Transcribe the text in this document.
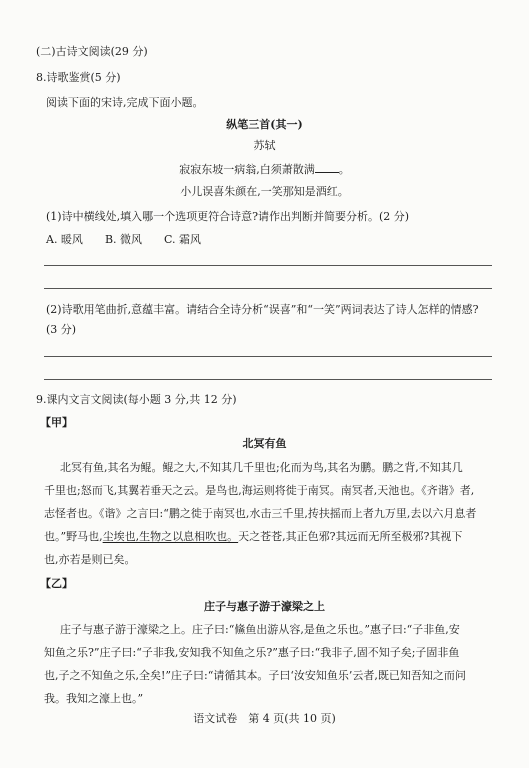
(二)古诗文阅读(29 分)
8.诗歌鉴赏(5 分)
阅读下面的宋诗,完成下面小题。
纵笔三首(其一)
苏轼
寂寂东坡一病翁,白须萧散满 。
小儿误喜朱颜在,一笑那知是酒红。
(1)诗中横线处,填入哪一个选项更符合诗意?请作出判断并简要分析。(2 分)
A. 暖风 B. 微风 C. 霜风
(2)诗歌用笔曲折,意蕴丰富。请结合全诗分析“误喜”和“一笑”两词表达了诗人怎样的情感?
(3 分)
9.课内文言文阅读(每小题 3 分,共 12 分)
【甲】
北冥有鱼
北冥有鱼,其名为鲲。鲲之大,不知其几千里也;化而为鸟,其名为鹏。鹏之背,不知其几
千里也;怒而飞,其翼若垂天之云。是鸟也,海运则将徙于南冥。南冥者,天池也。《齐谐》者,
志怪者也。《谐》之言曰:“鹏之徙于南冥也,水击三千里,抟扶摇而上者九万里,去以六月息者
也。”野马也,尘埃也,生物之以息相吹也。天之苍苍,其正色邪?其远而无所至极邪?其视下
也,亦若是则已矣。
【乙】
庄子与惠子游于濠梁之上
庄子与惠子游于濠梁之上。庄子曰:“鯈鱼出游从容,是鱼之乐也。”惠子曰:“子非鱼,安
知鱼之乐?”庄子曰:“子非我,安知我不知鱼之乐?”惠子曰:“我非子,固不知子矣;子固非鱼
也,子之不知鱼之乐,全矣!”庄子曰:“请循其本。子曰‘汝安知鱼乐’云者,既已知吾知之而问
我。我知之濠上也。”
语文试卷　第 4 页(共 10 页)
